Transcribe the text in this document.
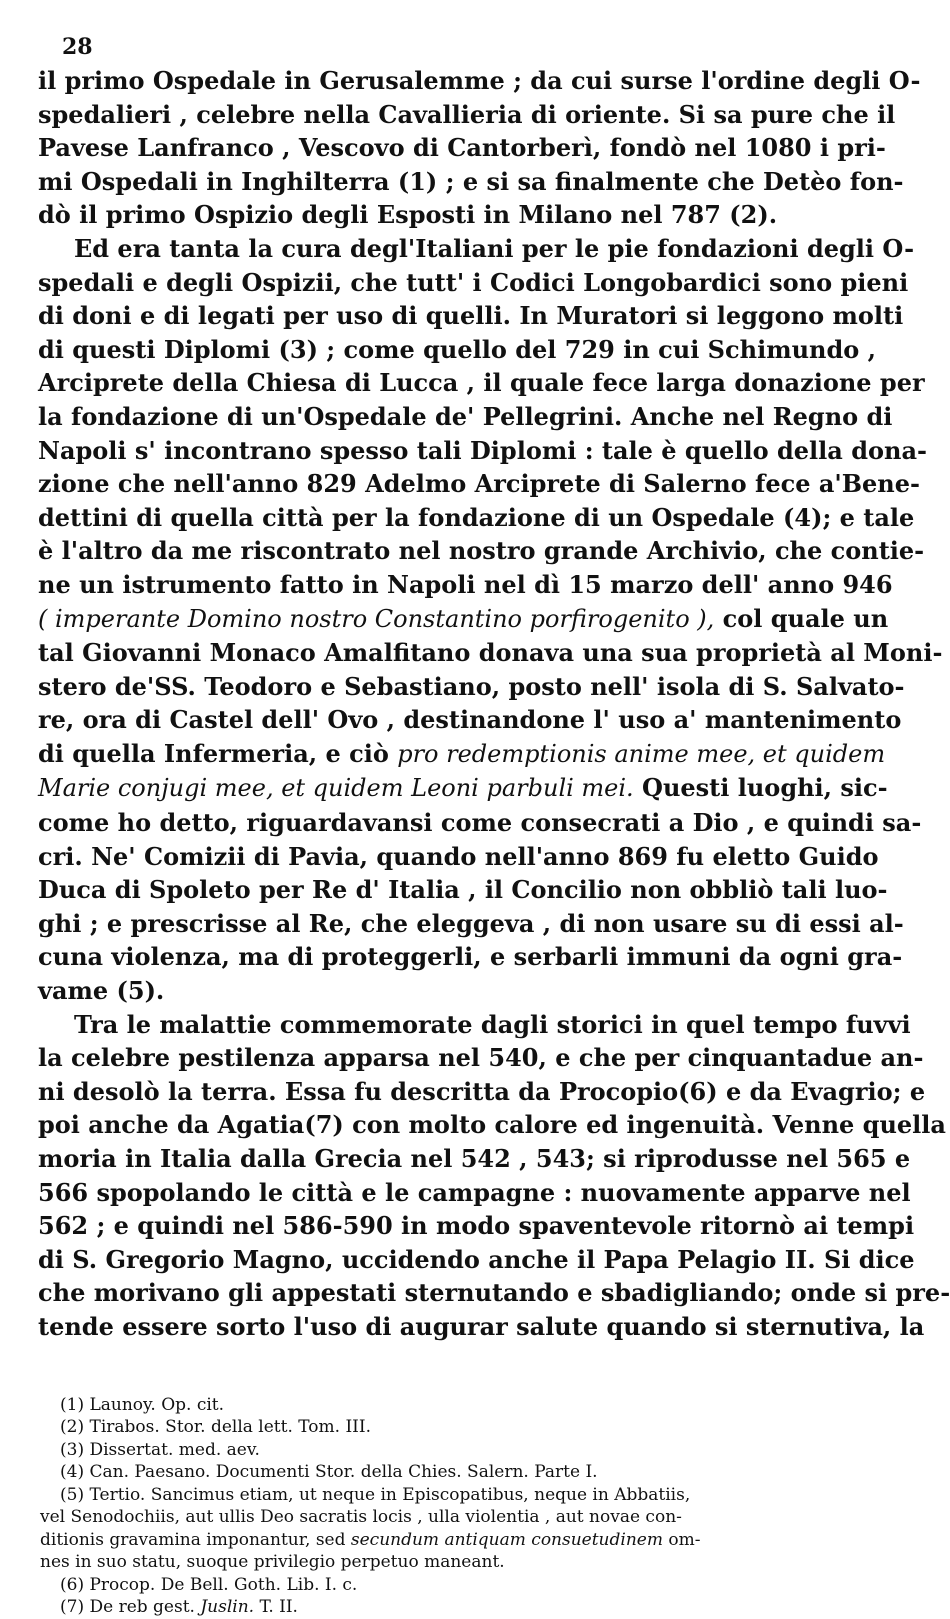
28
il primo Ospedale in Gerusalemme ; da cui surse l'ordine degli O-
spedalieri , celebre nella Cavallieria di oriente. Si sa pure che il
Pavese Lanfranco , Vescovo di Cantorberì, fondò nel 1080 i pri-
mi Ospedali in Inghilterra (1) ; e si sa finalmente che Detèo fon-
dò il primo Ospizio degli Esposti in Milano nel 787 (2).
Ed era tanta la cura degl'Italiani per le pie fondazioni degli O-
spedali e degli Ospizii, che tutt' i Codici Longobardici sono pieni
di doni e di legati per uso di quelli. In Muratori si leggono molti
di questi Diplomi (3) ; come quello del 729 in cui Schimundo ,
Arciprete della Chiesa di Lucca , il quale fece larga donazione per
la fondazione di un'Ospedale de' Pellegrini. Anche nel Regno di
Napoli s' incontrano spesso tali Diplomi : tale è quello della dona-
zione che nell'anno 829 Adelmo Arciprete di Salerno fece a'Bene-
dettini di quella città per la fondazione di un Ospedale (4); e tale
è l'altro da me riscontrato nel nostro grande Archivio, che contie-
ne un istrumento fatto in Napoli nel dì 15 marzo dell' anno 946
( imperante Domino nostro Constantino porfirogenito ), col quale un
tal Giovanni Monaco Amalfitano donava una sua proprietà al Moni-
stero de'SS. Teodoro e Sebastiano, posto nell' isola di S. Salvato-
re, ora di Castel dell' Ovo , destinandone l' uso a' mantenimento
di quella Infermeria, e ciò pro redemptionis anime mee, et quidem
Marie conjugi mee, et quidem Leoni parbuli mei. Questi luoghi, sic-
come ho detto, riguardavansi come consecrati a Dio , e quindi sa-
cri. Ne' Comizii di Pavia, quando nell'anno 869 fu eletto Guido
Duca di Spoleto per Re d' Italia , il Concilio non obbliò tali luo-
ghi ; e prescrisse al Re, che eleggeva , di non usare su di essi al-
cuna violenza, ma di proteggerli, e serbarli immuni da ogni gra-
vame (5).
Tra le malattie commemorate dagli storici in quel tempo fuvvi
la celebre pestilenza apparsa nel 540, e che per cinquantadue an-
ni desolò la terra. Essa fu descritta da Procopio(6) e da Evagrio; e
poi anche da Agatia(7) con molto calore ed ingenuità. Venne quella
moria in Italia dalla Grecia nel 542 , 543; si riprodusse nel 565 e
566 spopolando le città e le campagne : nuovamente apparve nel
562 ; e quindi nel 586-590 in modo spaventevole ritornò ai tempi
di S. Gregorio Magno, uccidendo anche il Papa Pelagio II. Si dice
che morivano gli appestati sternutando e sbadigliando; onde si pre-
tende essere sorto l'uso di augurar salute quando si sternutiva, la
(1) Launoy. Op. cit.
(2) Tirabos. Stor. della lett. Tom. III.
(3) Dissertat. med. aev.
(4) Can. Paesano. Documenti Stor. della Chies. Salern. Parte I.
(5) Tertio. Sancimus etiam, ut neque in Episcopatibus, neque in Abbatiis,
vel Senodochiis, aut ullis Deo sacratis locis , ulla violentia , aut novae con-
ditionis gravamina imponantur, sed secundum antiquam consuetudinem om-
nes in suo statu, suoque privilegio perpetuo maneant.
(6) Procop. De Bell. Goth. Lib. I. c.
(7) De reb gest. Juslin. T. II.
